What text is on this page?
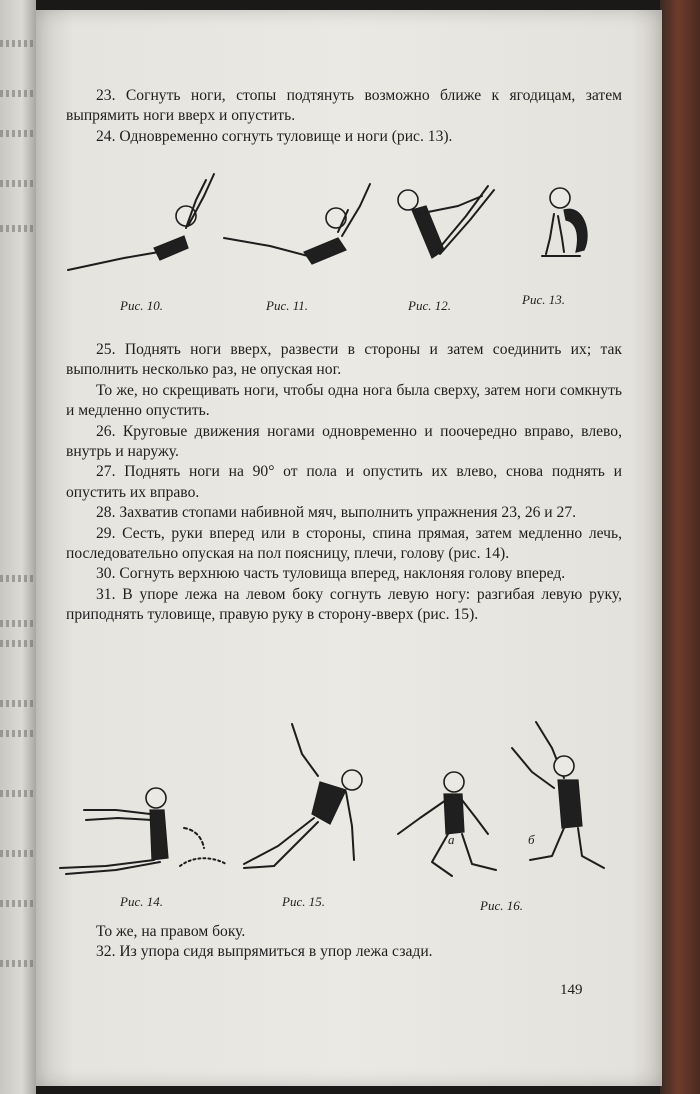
23. Согнуть ноги, стопы подтянуть возможно ближе к ягодицам, затем выпрямить ноги вверх и опустить.

24. Одновременно согнуть туловище и ноги (рис. 13).

Рис. 10.	Рис. 11.	Рис. 12.	Рис. 13.

25. Поднять ноги вверх, развести в стороны и затем соединить их; так выполнить несколько раз, не опуская ног.

То же, но скрещивать ноги, чтобы одна нога была сверху, затем ноги сомкнуть и медленно опустить.

26. Круговые движения ногами одновременно и поочередно вправо, влево, внутрь и наружу.

27. Поднять ноги на 90° от пола и опустить их влево, снова поднять и опустить их вправо.

28. Захватив стопами набивной мяч, выполнить упражнения 23, 26 и 27.

29. Сесть, руки вперед или в стороны, спина прямая, затем медленно лечь, последовательно опуская на пол поясницу, плечи, голову (рис. 14).

30. Согнуть верхнюю часть туловища вперед, наклоняя голову вперед.

31. В упоре лежа на левом боку согнуть левую ногу: разгибая левую руку, приподнять туловище, правую руку в сторону-вверх (рис. 15).

Рис. 14.	Рис. 15.
а	б
Рис. 16.

То же, на правом боку.

32. Из упора сидя выпрямиться в упор лежа сзади.

149
